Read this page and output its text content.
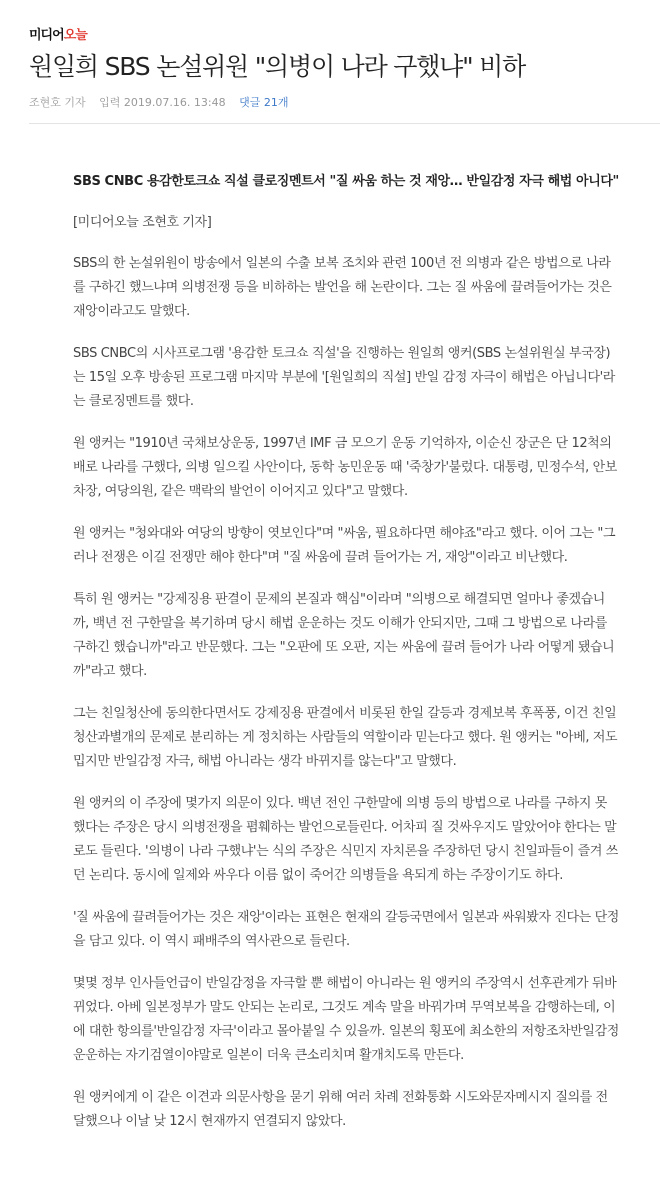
미디어오늘
원일희 SBS 논설위원 "의병이 나라 구했냐" 비하
조현호 기자 입력 2019.07.16. 13:48 댓글 21개

SBS CNBC 용감한토크쇼 직설 클로징멘트서 "질 싸움 하는 것 재앙… 반일감정 자극 해법 아니다"

[미디어오늘 조현호 기자]

SBS의 한 논설위원이 방송에서 일본의 수출 보복 조치와 관련 100년 전 의병과 같은 방법으로 나라를 구하긴 했느냐며 의병전쟁 등을 비하하는 발언을 해 논란이다. 그는 질 싸움에 끌려들어가는 것은 재앙이라고도 말했다.

SBS CNBC의 시사프로그램 '용감한 토크쇼 직설'을 진행하는 원일희 앵커(SBS 논설위원실 부국장)는 15일 오후 방송된 프로그램 마지막 부분에 '[원일희의 직설] 반일 감정 자극이 해법은 아닙니다'라는 클로징멘트를 했다.

원 앵커는 "1910년 국채보상운동, 1997년 IMF 금 모으기 운동 기억하자, 이순신 장군은 단 12척의 배로 나라를 구했다, 의병 일으킬 사안이다, 동학 농민운동 때 '죽창가'불렀다. 대통령, 민정수석, 안보차장, 여당의원, 같은 맥락의 발언이 이어지고 있다"고 말했다.

원 앵커는 "청와대와 여당의 방향이 엿보인다"며 "싸움, 필요하다면 해야죠"라고 했다. 이어 그는 "그러나 전쟁은 이길 전쟁만 해야 한다"며 "질 싸움에 끌려 들어가는 거, 재앙"이라고 비난했다.

특히 원 앵커는 "강제징용 판결이 문제의 본질과 핵심"이라며 "의병으로 해결되면 얼마나 좋겠습니까, 백년 전 구한말을 복기하며 당시 해법 운운하는 것도 이해가 안되지만, 그때 그 방법으로 나라를 구하긴 했습니까"라고 반문했다. 그는 "오판에 또 오판, 지는 싸움에 끌려 들어가 나라 어떻게 됐습니까"라고 했다.

그는 친일청산에 동의한다면서도 강제징용 판결에서 비롯된 한일 갈등과 경제보복 후폭풍, 이건 친일청산과별개의 문제로 분리하는 게 정치하는 사람들의 역할이라 믿는다고 했다. 원 앵커는 "아베, 저도 밉지만 반일감정 자극, 해법 아니라는 생각 바뀌지를 않는다"고 말했다.

원 앵커의 이 주장에 몇가지 의문이 있다. 백년 전인 구한말에 의병 등의 방법으로 나라를 구하지 못했다는 주장은 당시 의병전쟁을 폄훼하는 발언으로들린다. 어차피 질 것싸우지도 말았어야 한다는 말로도 들린다. '의병이 나라 구했냐'는 식의 주장은 식민지 자치론을 주장하던 당시 친일파들이 즐겨 쓰던 논리다. 동시에 일제와 싸우다 이름 없이 죽어간 의병들을 욕되게 하는 주장이기도 하다.

'질 싸움에 끌려들어가는 것은 재앙'이라는 표현은 현재의 갈등국면에서 일본과 싸워봤자 진다는 단정을 담고 있다. 이 역시 패배주의 역사관으로 들린다.

몇몇 정부 인사들언급이 반일감정을 자극할 뿐 해법이 아니라는 원 앵커의 주장역시 선후관계가 뒤바뀌었다. 아베 일본정부가 말도 안되는 논리로, 그것도 계속 말을 바꿔가며 무역보복을 감행하는데, 이에 대한 항의를'반일감정 자극'이라고 몰아붙일 수 있을까. 일본의 횡포에 최소한의 저항조차반일감정 운운하는 자기검열이야말로 일본이 더욱 큰소리치며 활개치도록 만든다.

원 앵커에게 이 같은 이견과 의문사항을 묻기 위해 여러 차례 전화통화 시도와문자메시지 질의를 전달했으나 이날 낮 12시 현재까지 연결되지 않았다.
